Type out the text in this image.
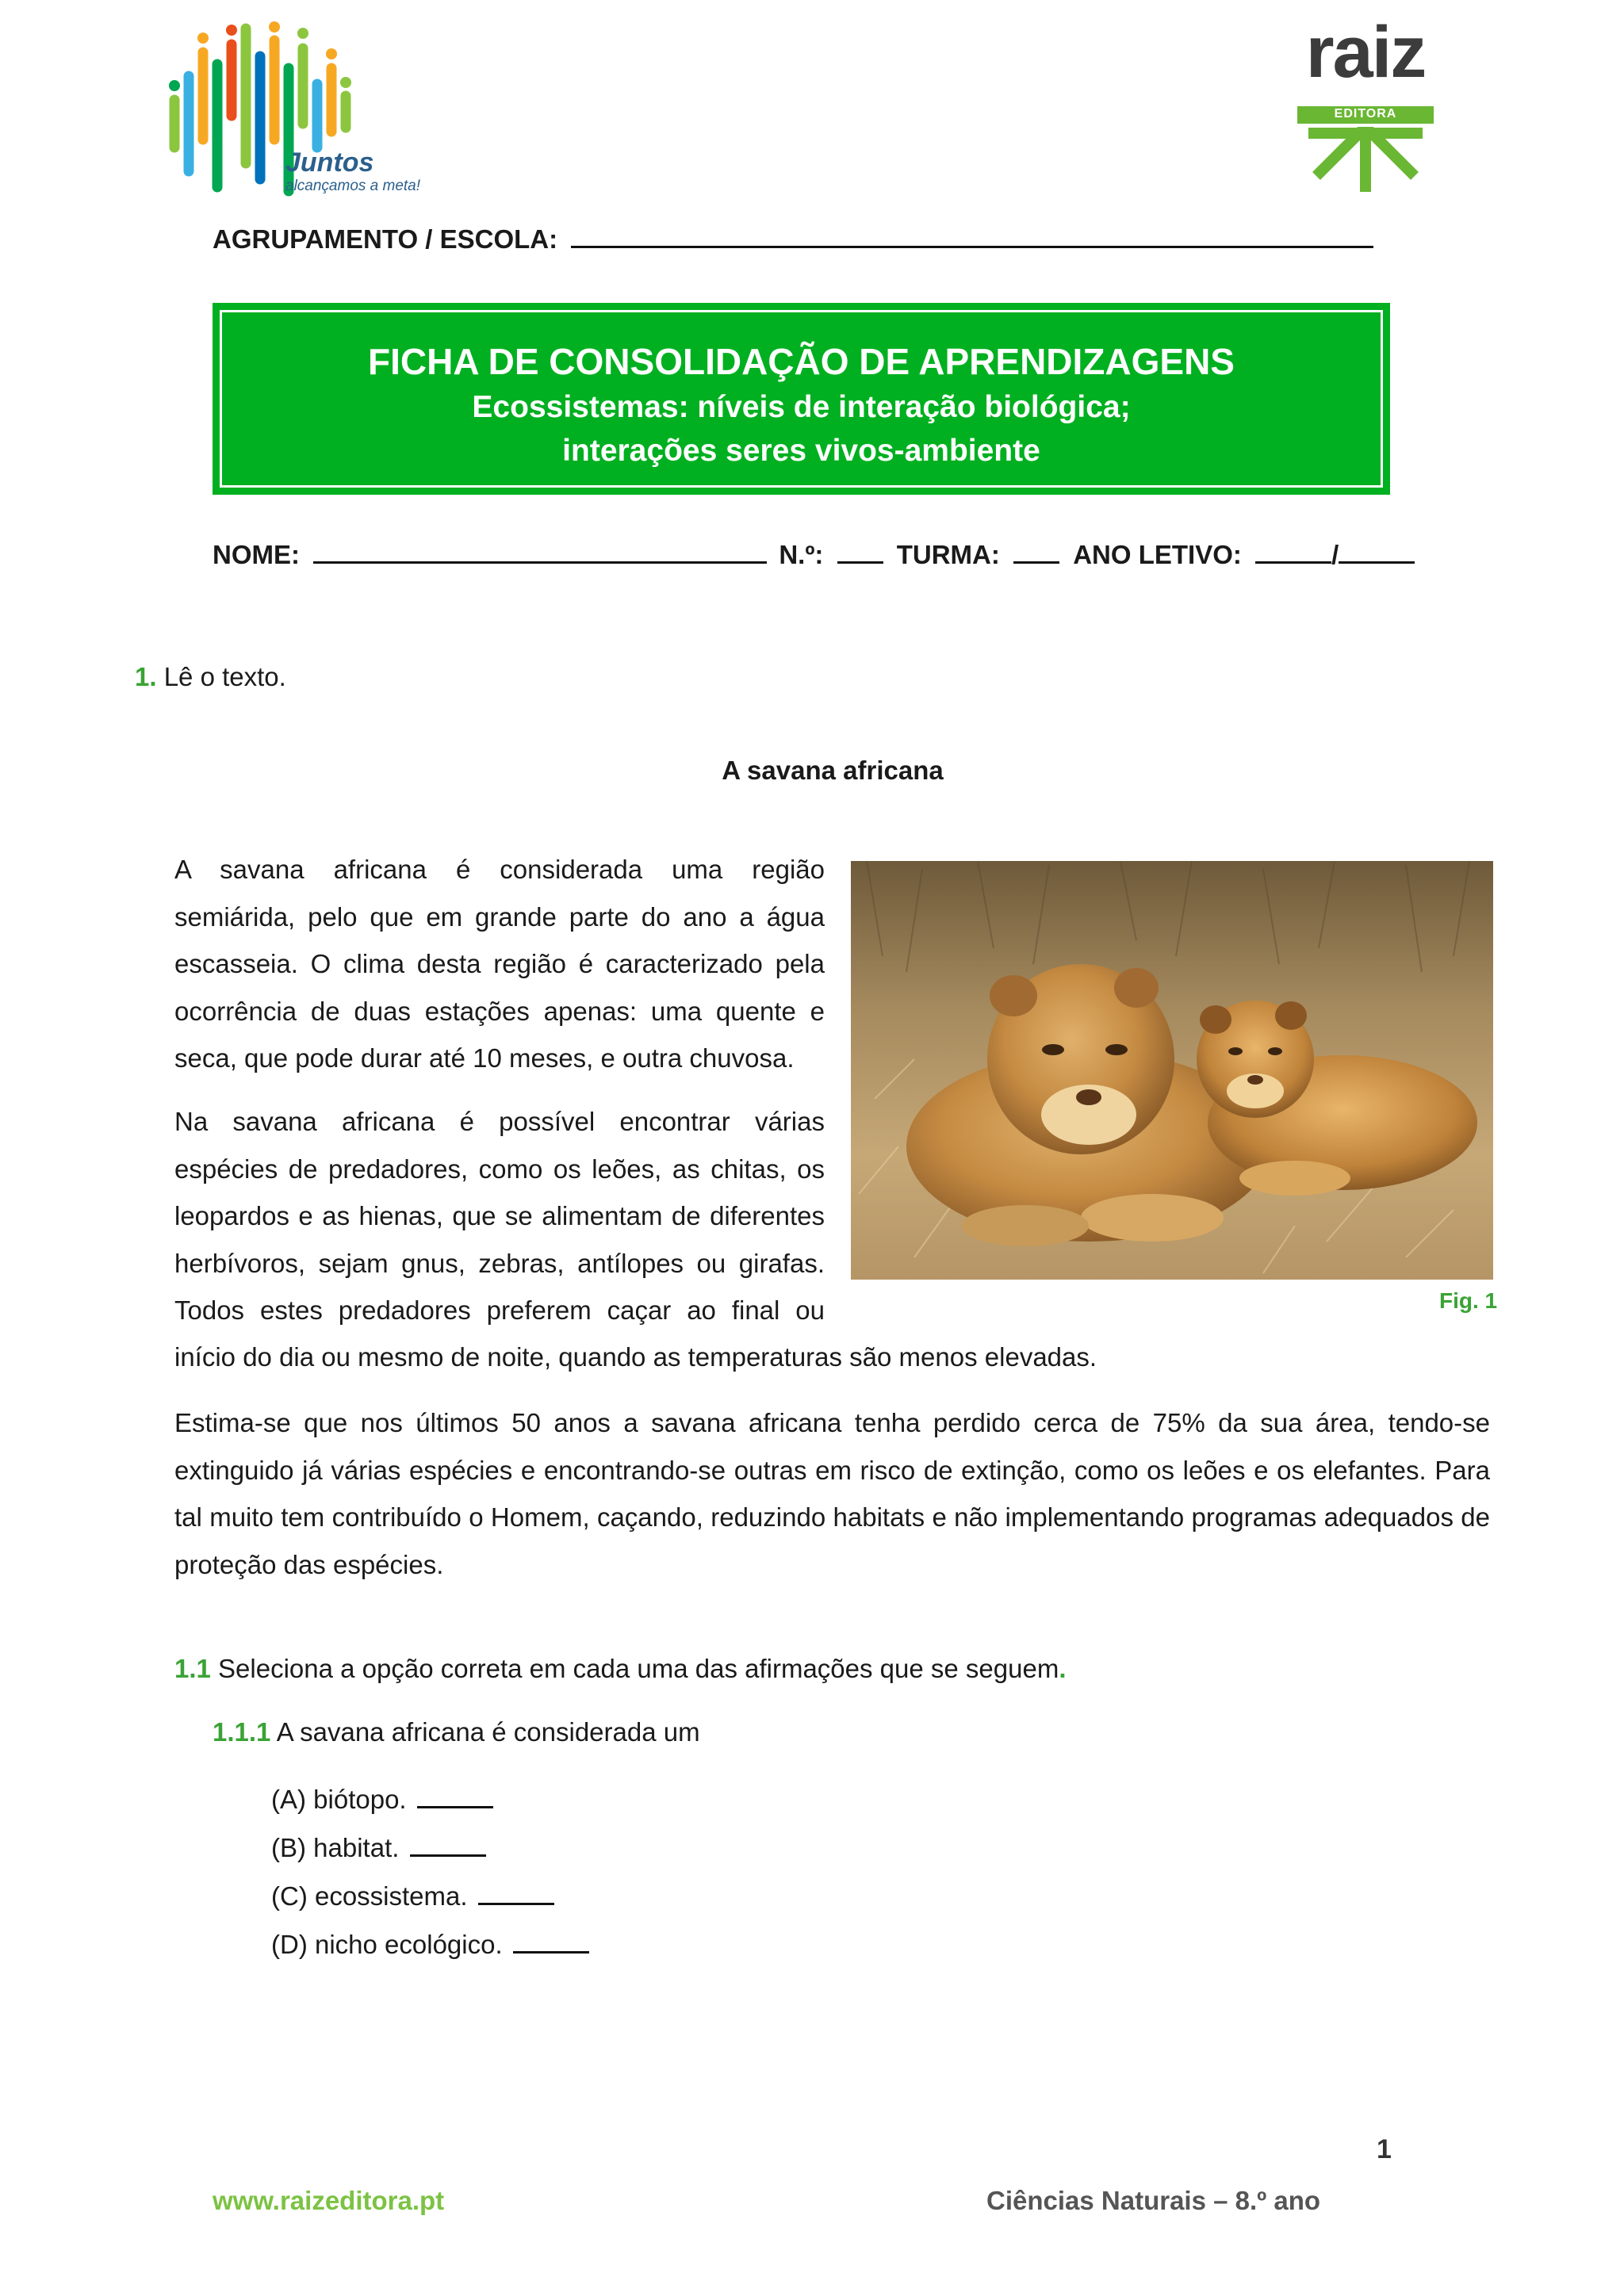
Juntos
alcançamos a meta!
raiz
EDITORA
AGRUPAMENTO / ESCOLA:
FICHA DE CONSOLIDAÇÃO DE APRENDIZAGENS
Ecossistemas: níveis de interação biológica;
interações seres vivos-ambiente
NOME:	N.º:	TURMA:	ANO LETIVO:	/
1. Lê o texto.
A savana africana

A savana africana é considerada uma região

semiárida, pelo que em grande parte do ano a água

escasseia. O clima desta região é caracterizado pela

ocorrência de duas estações apenas: uma quente e

seca, que pode durar até 10 meses, e outra chuvosa.

Na savana africana é possível encontrar várias

espécies de predadores, como os leões, as chitas, os

leopardos e as hienas, que se alimentam de diferentes

herbívoros, sejam gnus, zebras, antílopes ou girafas.

Todos estes predadores preferem caçar ao final ou

início do dia ou mesmo de noite, quando as temperaturas são menos elevadas.
Estima-se que nos últimos 50 anos a savana africana tenha perdido cerca de 75% da sua área, tendo-se extinguido já várias espécies e encontrando-se outras em risco de extinção, como os leões e os elefantes. Para tal muito tem contribuído o Homem, caçando, reduzindo habitats e não implementando programas adequados de proteção das espécies.
Fig. 1
1.1 Seleciona a opção correta em cada uma das afirmações que se seguem.
1.1.1 A savana africana é considerada um
(A) biótopo.
(B) habitat.
(C) ecossistema.
(D) nicho ecológico.
1
www.raizeditora.pt	Ciências Naturais – 8.º ano
